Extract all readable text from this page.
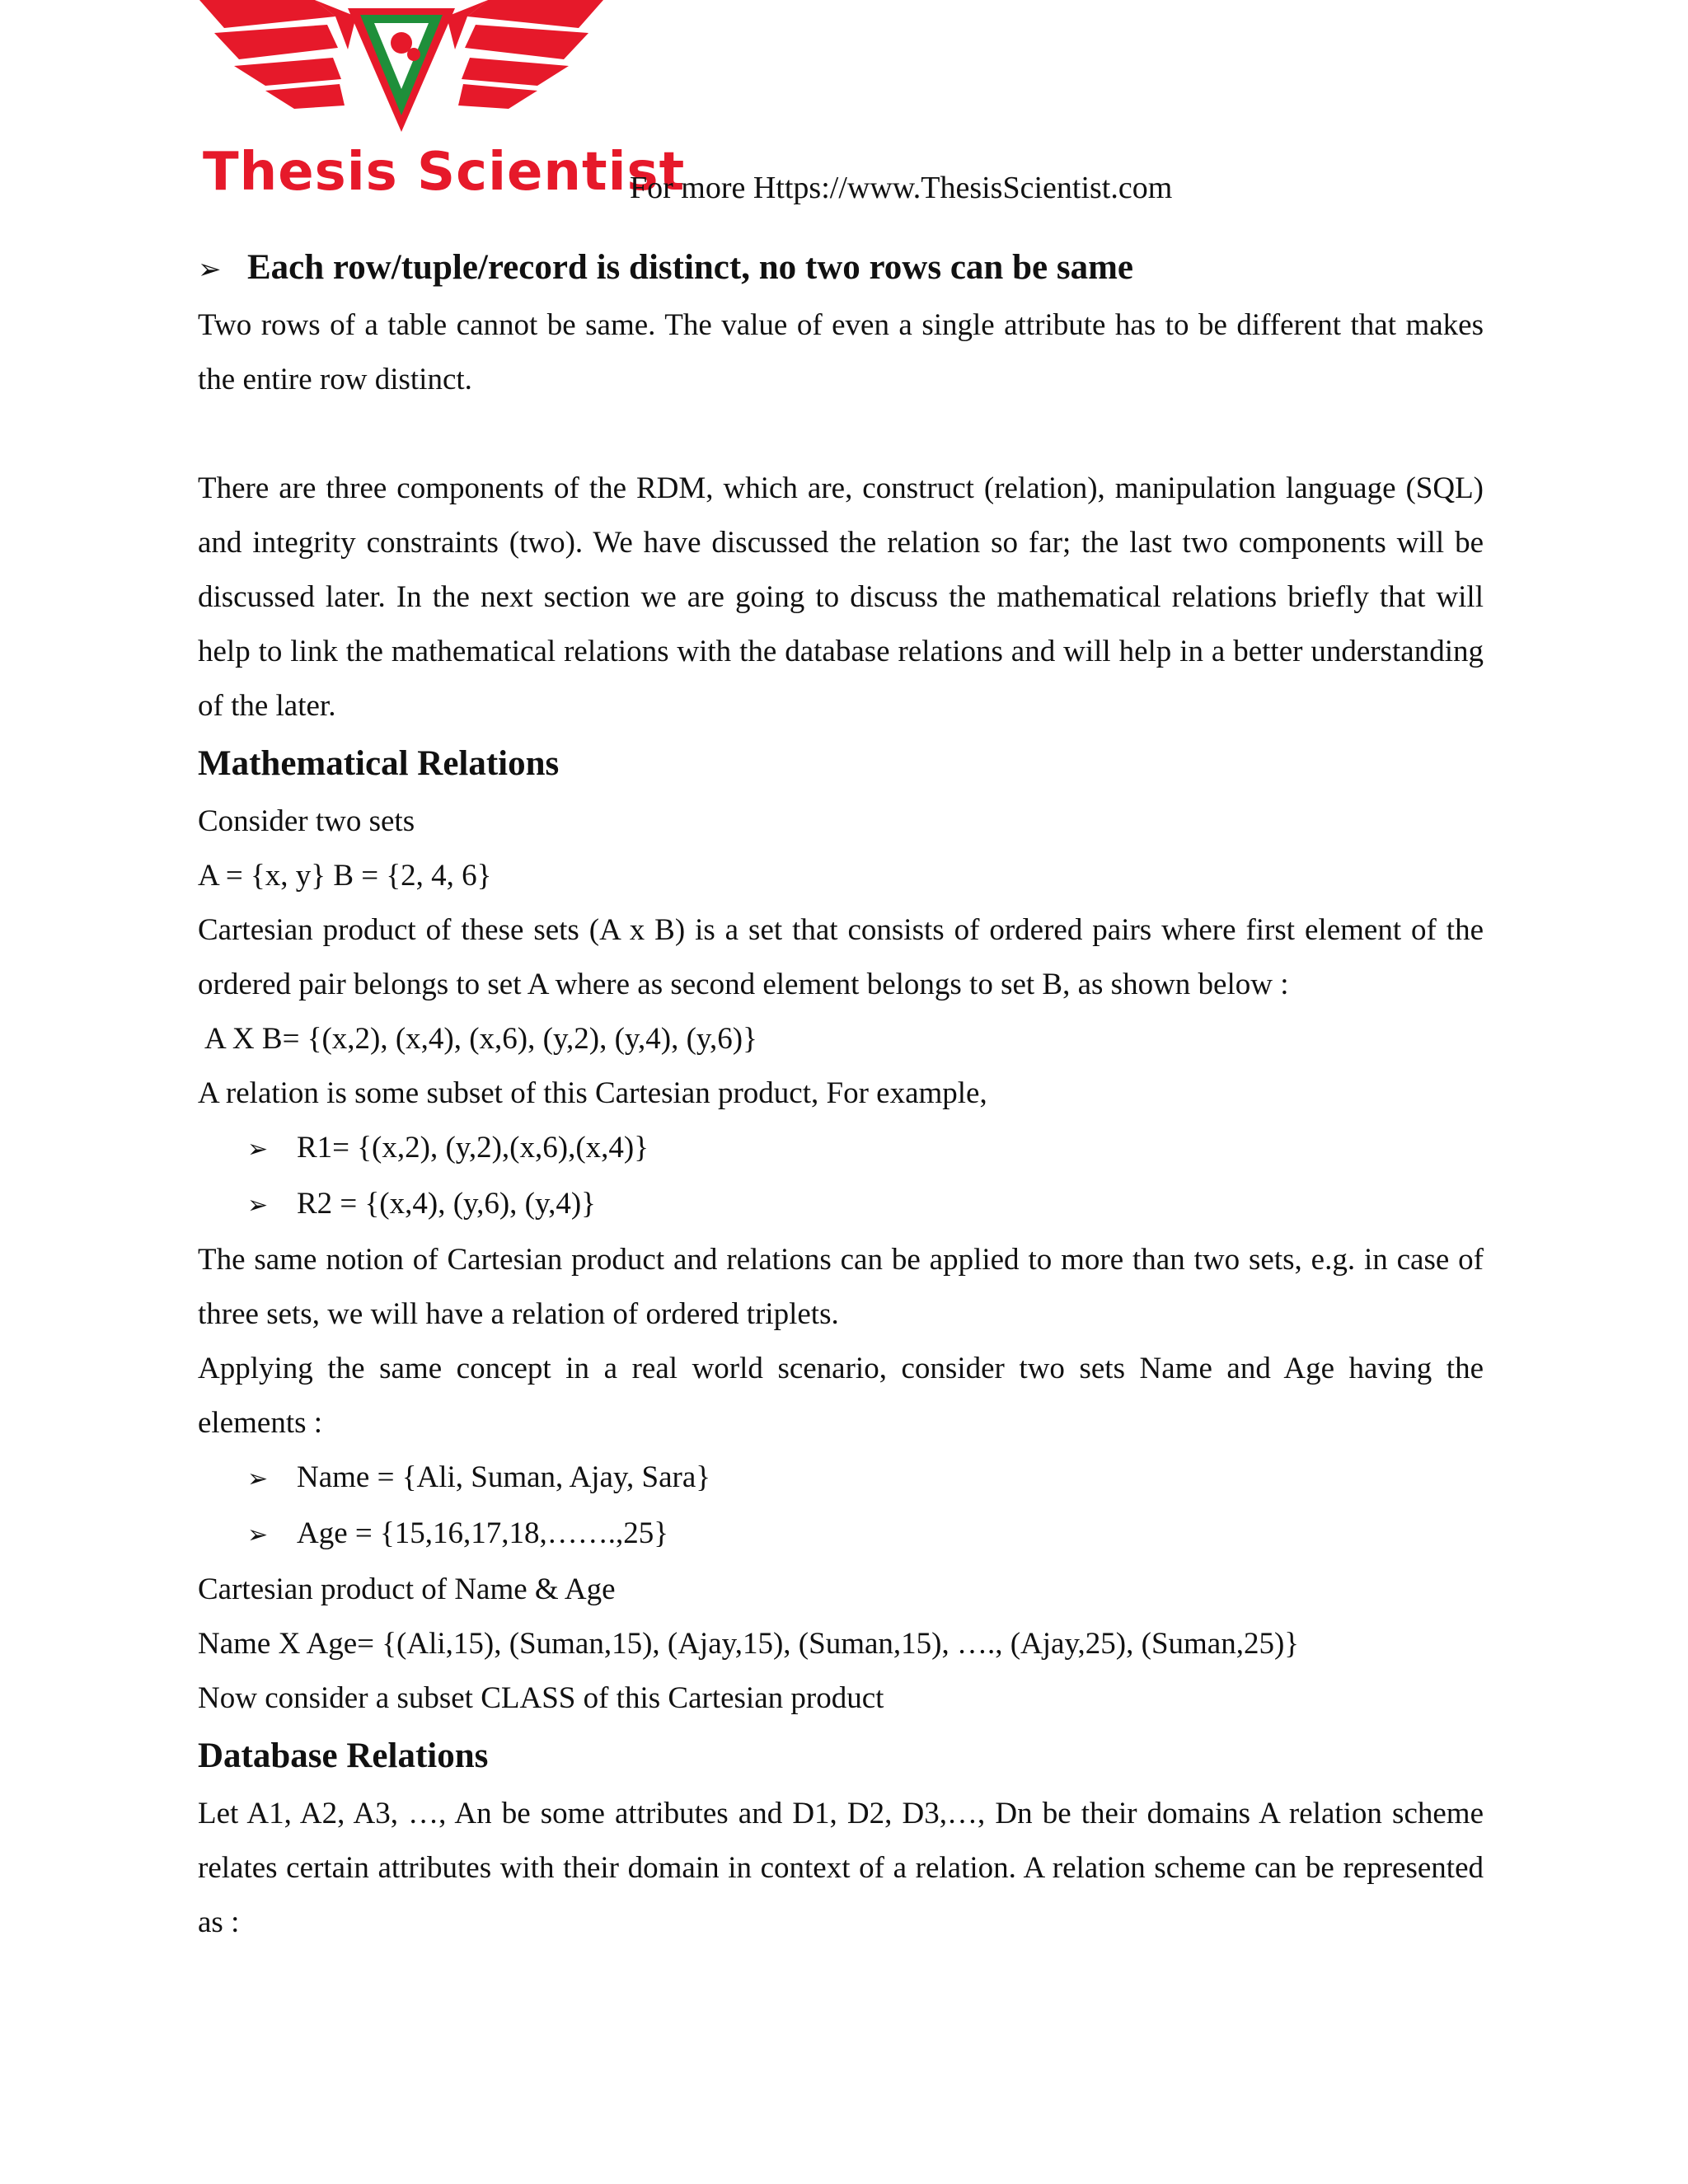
Thesis Scientist
For more Https://www.ThesisScientist.com
➢ Each row/tuple/record is distinct, no two rows can be same

Two rows of a table cannot be same. The value of even a single attribute has to be different that makes the entire row distinct.

There are three components of the RDM, which are, construct (relation), manipulation language (SQL) and integrity constraints (two). We have discussed the relation so far; the last two components will be discussed later. In the next section we are going to discuss the mathematical relations briefly that will help to link the mathematical relations with the database relations and will help in a better understanding of the later.

Mathematical Relations

Consider two sets

A = {x, y} B = {2, 4, 6}

Cartesian product of these sets (A x B) is a set that consists of ordered pairs where first element of the ordered pair belongs to set A where as second element belongs to set B, as shown below :

A X B= {(x,2), (x,4), (x,6), (y,2), (y,4), (y,6)}

A relation is some subset of this Cartesian product, For example,

➢ R1= {(x,2), (y,2),(x,6),(x,4)}
➢ R2 = {(x,4), (y,6), (y,4)}

The same notion of Cartesian product and relations can be applied to more than two sets, e.g. in case of three sets, we will have a relation of ordered triplets.

Applying the same concept in a real world scenario, consider two sets Name and Age having the elements :

➢ Name = {Ali, Suman, Ajay, Sara}
➢ Age = {15,16,17,18,…….,25}

Cartesian product of Name & Age

Name X Age= {(Ali,15), (Suman,15), (Ajay,15), (Suman,15), …., (Ajay,25), (Suman,25)}

Now consider a subset CLASS of this Cartesian product

Database Relations

Let A1, A2, A3, …, An be some attributes and D1, D2, D3,…, Dn be their domains A relation scheme relates certain attributes with their domain in context of a relation. A relation scheme can be represented as :
